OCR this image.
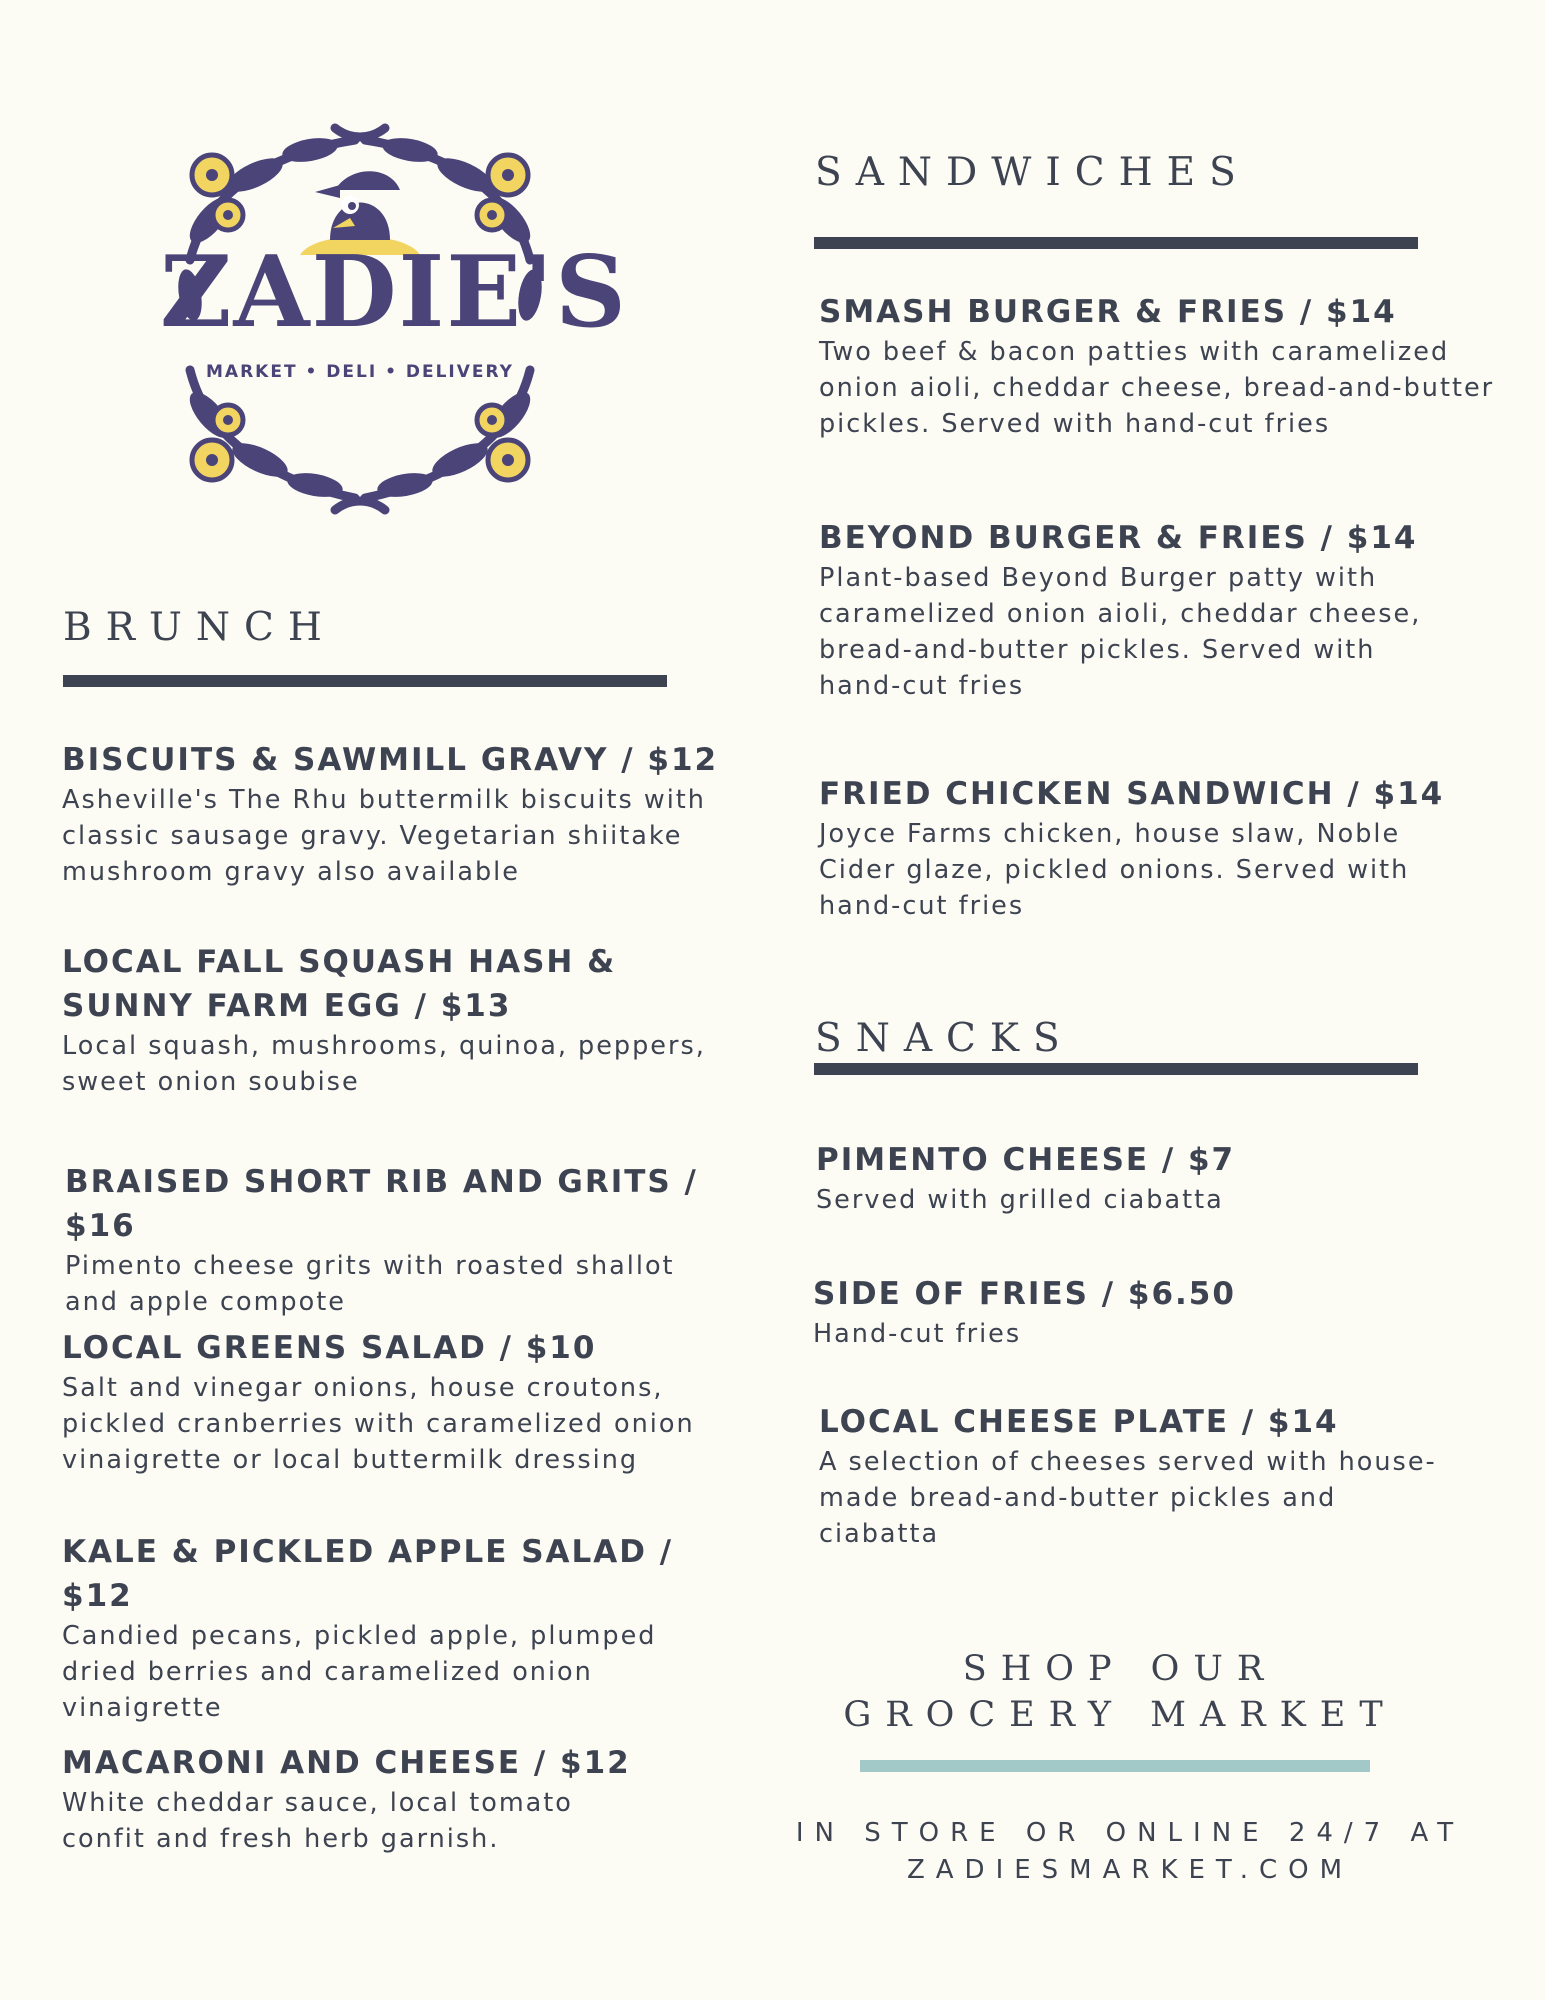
ZADIE'S
MARKET • DELI • DELIVERY
BRUNCH

BISCUITS & SAWMILL GRAVY / $12

Asheville's The Rhu buttermilk biscuits with classic sausage gravy. Vegetarian shiitake mushroom gravy also available

LOCAL FALL SQUASH HASH & SUNNY FARM EGG / $13

Local squash, mushrooms, quinoa, peppers, sweet onion soubise

BRAISED SHORT RIB AND GRITS / $16

Pimento cheese grits with roasted shallot and apple compote

LOCAL GREENS SALAD / $10

Salt and vinegar onions, house croutons, pickled cranberries with caramelized onion vinaigrette or local buttermilk dressing

KALE & PICKLED APPLE SALAD / $12

Candied pecans, pickled apple, plumped dried berries and caramelized onion vinaigrette

MACARONI AND CHEESE / $12

White cheddar sauce, local tomato confit and fresh herb garnish.

SANDWICHES

SMASH BURGER & FRIES / $14

Two beef & bacon patties with caramelized onion aioli, cheddar cheese, bread-and-butter pickles. Served with hand-cut fries

BEYOND BURGER & FRIES / $14

Plant-based Beyond Burger patty with caramelized onion aioli, cheddar cheese, bread-and-butter pickles. Served with hand-cut fries

FRIED CHICKEN SANDWICH / $14

Joyce Farms chicken, house slaw, Noble Cider glaze, pickled onions. Served with hand-cut fries

SNACKS

PIMENTO CHEESE / $7

Served with grilled ciabatta

SIDE OF FRIES / $6.50

Hand-cut fries

LOCAL CHEESE PLATE / $14

A selection of cheeses served with house-made bread-and-butter pickles and ciabatta

SHOP OUR GROCERY MARKET
IN STORE OR ONLINE 24/7 AT ZADIESMARKET.COM
